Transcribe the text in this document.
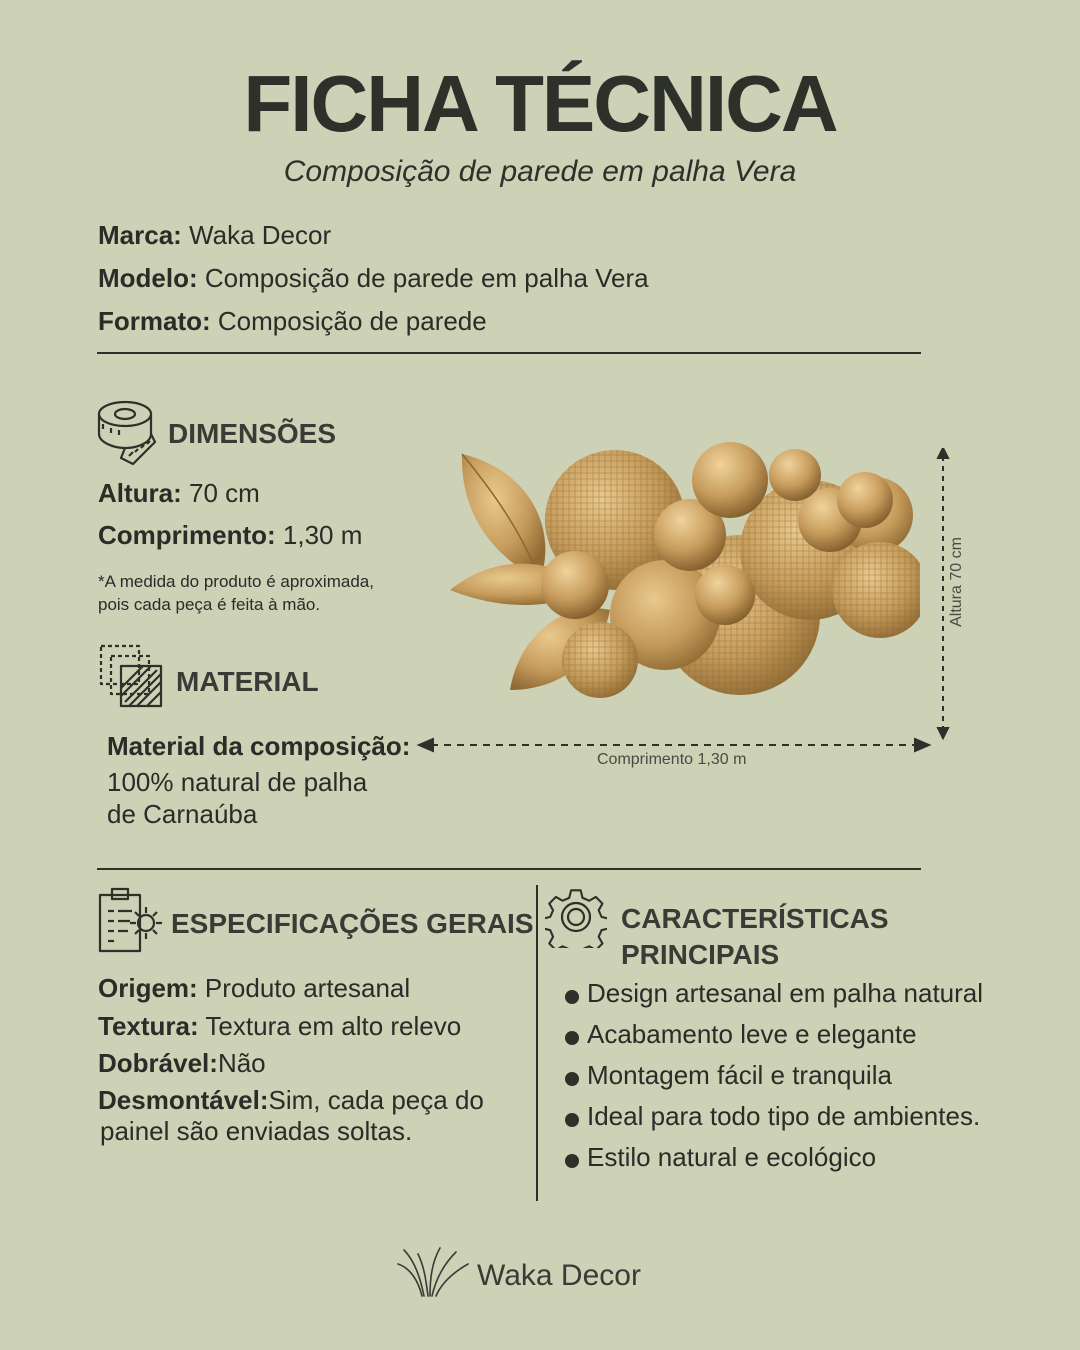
FICHA TÉCNICA
Composição de parede em palha Vera
Marca: Waka Decor
Modelo: Composição de parede em palha Vera
Formato: Composição de parede
DIMENSÕES
Altura: 70 cm
Comprimento: 1,30 m
*A medida do produto é aproximada,
pois cada peça é feita à mão.
MATERIAL
Material da composição:
100% natural de palha
de Carnaúba
Altura 70 cm
Comprimento 1,30 m
ESPECIFICAÇÕES GERAIS
Origem: Produto artesanal
Textura: Textura em alto relevo
Dobrável:Não
Desmontável:Sim, cada peça do
painel são enviadas soltas.
CARACTERÍSTICAS
PRINCIPAIS
Design artesanal em palha natural
Acabamento leve e elegante
Montagem fácil e tranquila
Ideal para todo tipo de ambientes.
Estilo natural e ecológico
Waka Decor
